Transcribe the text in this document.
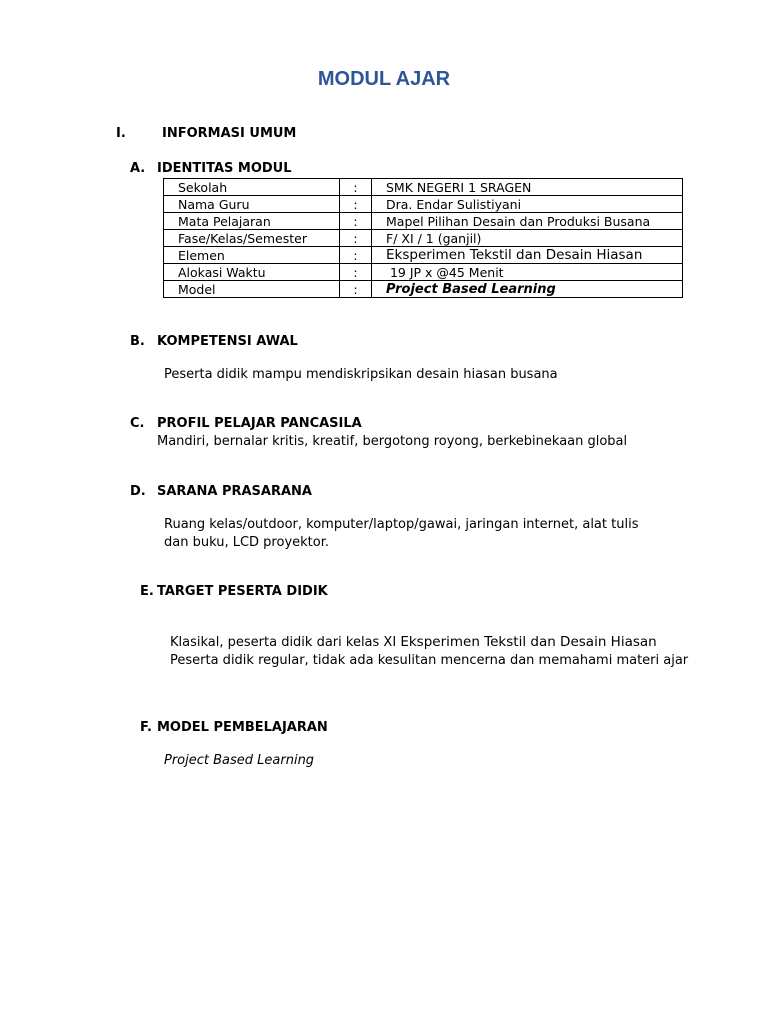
MODUL AJAR
I.	INFORMASI UMUM
A. IDENTITAS MODUL
Sekolah	:	SMK NEGERI 1 SRAGEN
Nama Guru	:	Dra. Endar Sulistiyani
Mata Pelajaran	:	Mapel Pilihan Desain dan Produksi Busana
Fase/Kelas/Semester	:	F/ XI / 1 (ganjil)
Elemen	:	Eksperimen Tekstil dan Desain Hiasan
Alokasi Waktu	:	19 JP x @45 Menit
Model	:	Project Based Learning
B. KOMPETENSI AWAL
Peserta didik mampu mendiskripsikan desain hiasan busana
C. PROFIL PELAJAR PANCASILA
Mandiri, bernalar kritis, kreatif, bergotong royong, berkebinekaan global
D. SARANA PRASARANA
Ruang kelas/outdoor, komputer/laptop/gawai, jaringan internet, alat tulis
dan buku, LCD proyektor.
E. TARGET PESERTA DIDIK
Klasikal, peserta didik dari kelas XI Eksperimen Tekstil dan Desain Hiasan
Peserta didik regular, tidak ada kesulitan mencerna dan memahami materi ajar
F. MODEL PEMBELAJARAN
Project Based Learning
